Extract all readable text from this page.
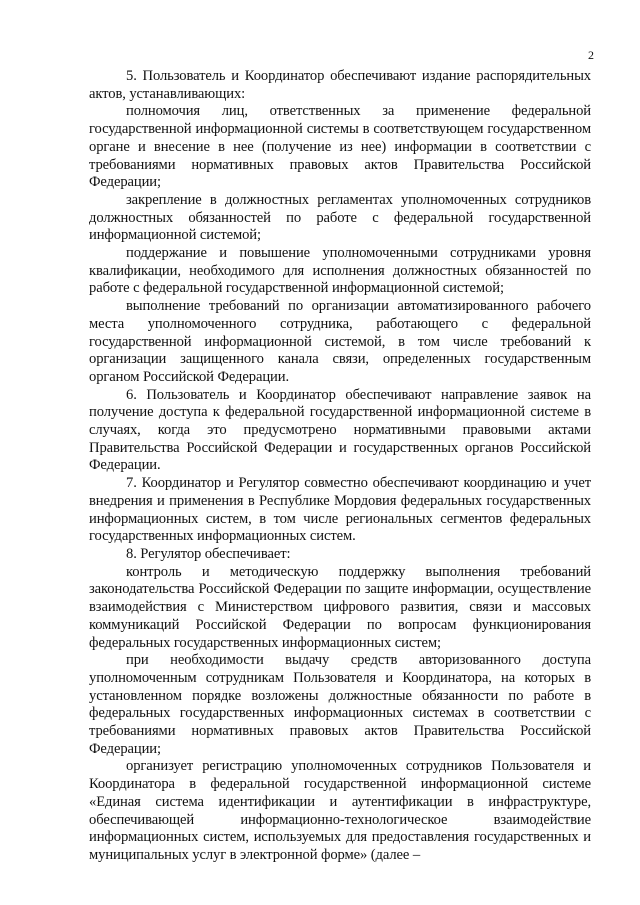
2

5. Пользователь и Координатор обеспечивают издание распорядительных актов, устанавливающих:

полномочия лиц, ответственных за применение федеральной государственной информационной системы в соответствующем государственном органе и внесение в нее (получение из нее) информации в соответствии с требованиями нормативных правовых актов Правительства Российской Федерации;

закрепление в должностных регламентах уполномоченных сотрудников должностных обязанностей по работе с федеральной государственной информационной системой;

поддержание и повышение уполномоченными сотрудниками уровня квалификации, необходимого для исполнения должностных обязанностей по работе с федеральной государственной информационной системой;

выполнение требований по организации автоматизированного рабочего места уполномоченного сотрудника, работающего с федеральной государственной информационной системой, в том числе требований к организации защищенного канала связи, определенных государственным органом Российской Федерации.

6. Пользователь и Координатор обеспечивают направление заявок на получение доступа к федеральной государственной информационной системе в случаях, когда это предусмотрено нормативными правовыми актами Правительства Российской Федерации и государственных органов Российской Федерации.

7. Координатор и Регулятор совместно обеспечивают координацию и учет внедрения и применения в Республике Мордовия федеральных государственных информационных систем, в том числе региональных сегментов федеральных государственных информационных систем.

8. Регулятор обеспечивает:

контроль и методическую поддержку выполнения требований законодательства Российской Федерации по защите информации, осуществление взаимодействия с Министерством цифрового развития, связи и массовых коммуникаций Российской Федерации по вопросам функционирования федеральных государственных информационных систем;

при необходимости выдачу средств авторизованного доступа уполномоченным сотрудникам Пользователя и Координатора, на которых в установленном порядке возложены должностные обязанности по работе в федеральных государственных информационных системах в соответствии с требованиями нормативных правовых актов Правительства Российской Федерации;

организует регистрацию уполномоченных сотрудников Пользователя и Координатора в федеральной государственной информационной системе «Единая система идентификации и аутентификации в инфраструктуре, обеспечивающей информационно-технологическое взаимодействие информационных систем, используемых для предоставления государственных и муниципальных услуг в электронной форме» (далее –
